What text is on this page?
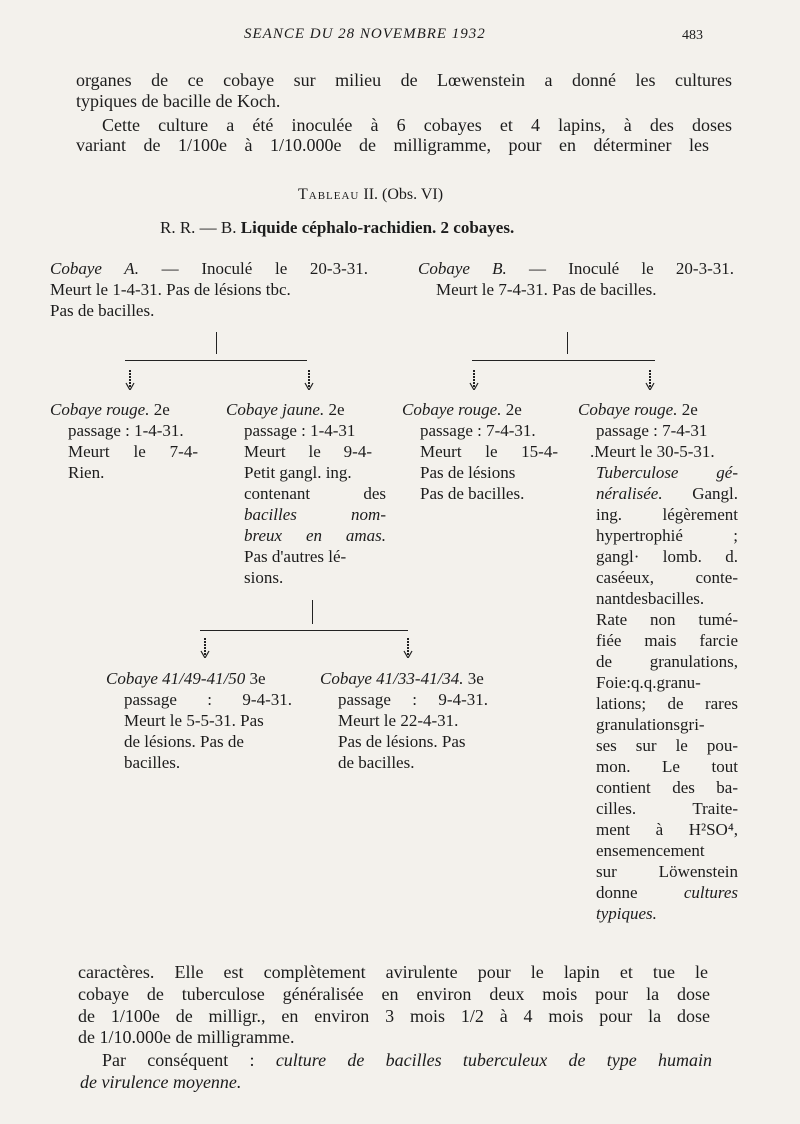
SEANCE DU 28 NOVEMBRE 1932	483
organes de ce cobaye sur milieu de Lœwenstein a donné les cultures
typiques de bacille de Koch.
Cette culture a été inoculée à 6 cobayes et 4 lapins, à des doses
variant de 1/100e à 1/10.000e de milligramme, pour en déterminer les
Tableau II. (Obs. VI)
R. R. — B. Liquide céphalo-rachidien. 2 cobayes.
Cobaye A. — Inoculé le 20-3-31.
Meurt le 1-4-31. Pas de lésions tbc.
Pas de bacilles.
Cobaye B. — Inoculé le 20-3-31.
Meurt le 7-4-31. Pas de bacilles.
Cobaye rouge. 2e
passage : 1-4-31.
Meurt le 7-4-
Rien.
Cobaye jaune. 2e
passage : 1-4-31
Meurt le 9-4-
Petit gangl. ing.
contenant des
bacilles nom-
breux en amas.
Pas d'autres lé-
sions.
Cobaye rouge. 2e
passage : 7-4-31.
Meurt le 15-4-
Pas de lésions
Pas de bacilles.
Cobaye rouge. 2e
passage : 7-4-31
.Meurt le 30-5-31.
Tuberculose gé-
néralisée. Gangl.
ing. légèrement
hypertrophié ;
gangl· lomb. d.
caséeux, conte-
nantdesbacilles.
Rate non tumé-
fiée mais farcie
de granulations,
Foie:q.q.granu-
lations; de rares
granulationsgri-
ses sur le pou-
mon. Le tout
contient des ba-
cilles. Traite-
ment à H²SO⁴,
ensemencement
sur Löwenstein
donne	cultures
typiques.
Cobaye 41/49-41/50 3e
passage : 9-4-31.
Meurt le 5-5-31. Pas
de lésions. Pas de
bacilles.
Cobaye 41/33-41/34. 3e
passage : 9-4-31.
Meurt le 22-4-31.
Pas de lésions. Pas
de bacilles.
caractères. Elle est complètement avirulente pour le lapin et tue le
cobaye de tuberculose généralisée en environ deux mois pour la dose
de 1/100e de milligr., en environ 3 mois 1/2 à 4 mois pour la dose
de 1/10.000e de milligramme.
Par conséquent : culture de bacilles tuberculeux de type humain
de virulence moyenne.
